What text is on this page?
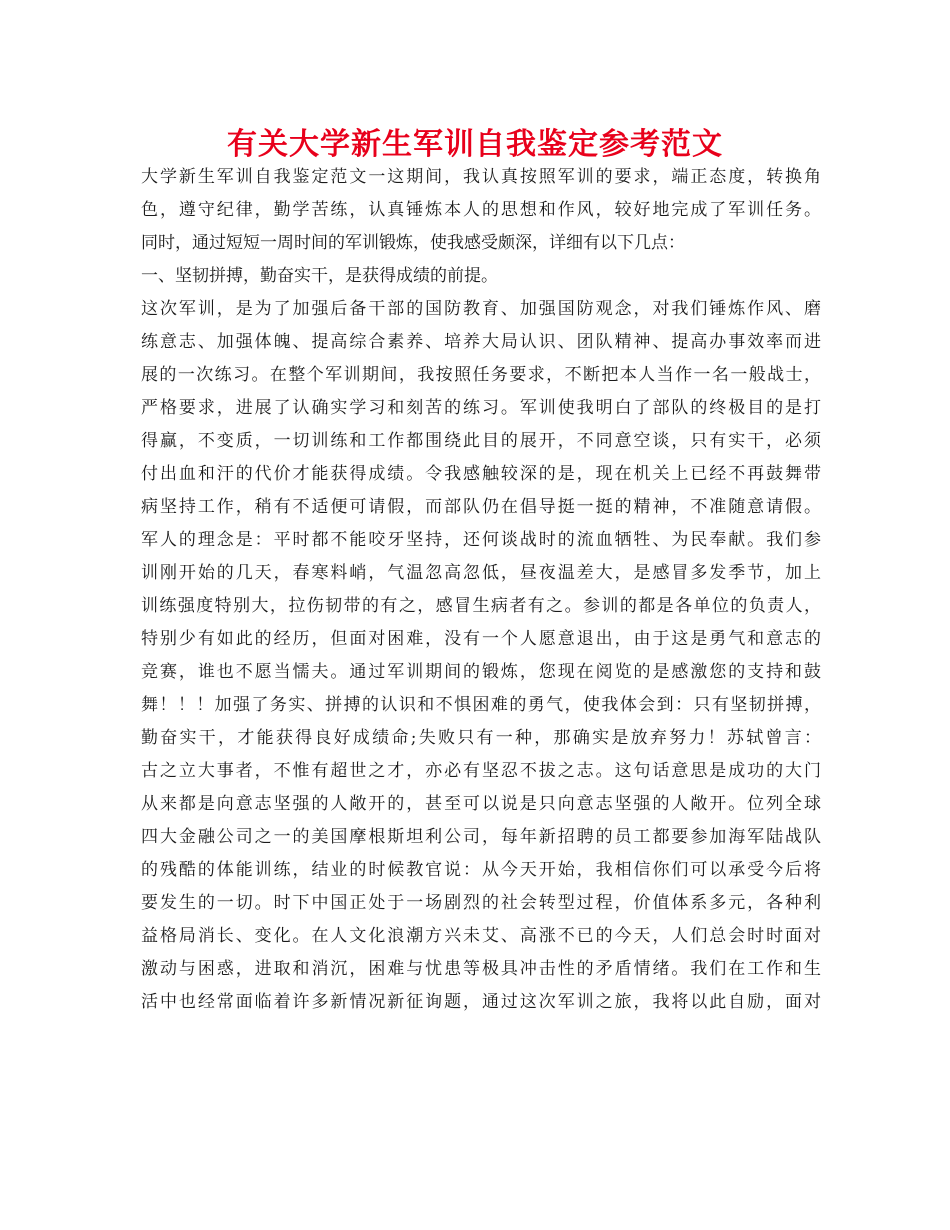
有关大学新生军训自我鉴定参考范文
大学新生军训自我鉴定范文一这期间，我认真按照军训的要求，端正态度，转换角
色，遵守纪律，勤学苦练，认真锤炼本人的思想和作风，较好地完成了军训任务。
同时，通过短短一周时间的军训锻炼，使我感受颇深，详细有以下几点：
一、坚韧拼搏，勤奋实干，是获得成绩的前提。
这次军训，是为了加强后备干部的国防教育、加强国防观念，对我们锤炼作风、磨
练意志、加强体魄、提高综合素养、培养大局认识、团队精神、提高办事效率而进
展的一次练习。在整个军训期间，我按照任务要求，不断把本人当作一名一般战士，
严格要求，进展了认确实学习和刻苦的练习。军训使我明白了部队的终极目的是打
得赢，不变质，一切训练和工作都围绕此目的展开，不同意空谈，只有实干，必须
付出血和汗的代价才能获得成绩。令我感触较深的是，现在机关上已经不再鼓舞带
病坚持工作，稍有不适便可请假，而部队仍在倡导挺一挺的精神，不准随意请假。
军人的理念是：平时都不能咬牙坚持，还何谈战时的流血牺牲、为民奉献。我们参
训刚开始的几天，春寒料峭，气温忽高忽低，昼夜温差大，是感冒多发季节，加上
训练强度特别大，拉伤韧带的有之，感冒生病者有之。参训的都是各单位的负责人，
特别少有如此的经历，但面对困难，没有一个人愿意退出，由于这是勇气和意志的
竞赛，谁也不愿当懦夫。通过军训期间的锻炼，您现在阅览的是感激您的支持和鼓
舞！！！加强了务实、拼搏的认识和不惧困难的勇气，使我体会到：只有坚韧拼搏，
勤奋实干，才能获得良好成绩命;失败只有一种，那确实是放弃努力！苏轼曾言：
古之立大事者，不惟有超世之才，亦必有坚忍不拔之志。这句话意思是成功的大门
从来都是向意志坚强的人敞开的，甚至可以说是只向意志坚强的人敞开。位列全球
四大金融公司之一的美国摩根斯坦利公司，每年新招聘的员工都要参加海军陆战队
的残酷的体能训练，结业的时候教官说：从今天开始，我相信你们可以承受今后将
要发生的一切。时下中国正处于一场剧烈的社会转型过程，价值体系多元，各种利
益格局消长、变化。在人文化浪潮方兴未艾、高涨不已的今天，人们总会时时面对
激动与困惑，进取和消沉，困难与忧患等极具冲击性的矛盾情绪。我们在工作和生
活中也经常面临着许多新情况新征询题，通过这次军训之旅，我将以此自励，面对
